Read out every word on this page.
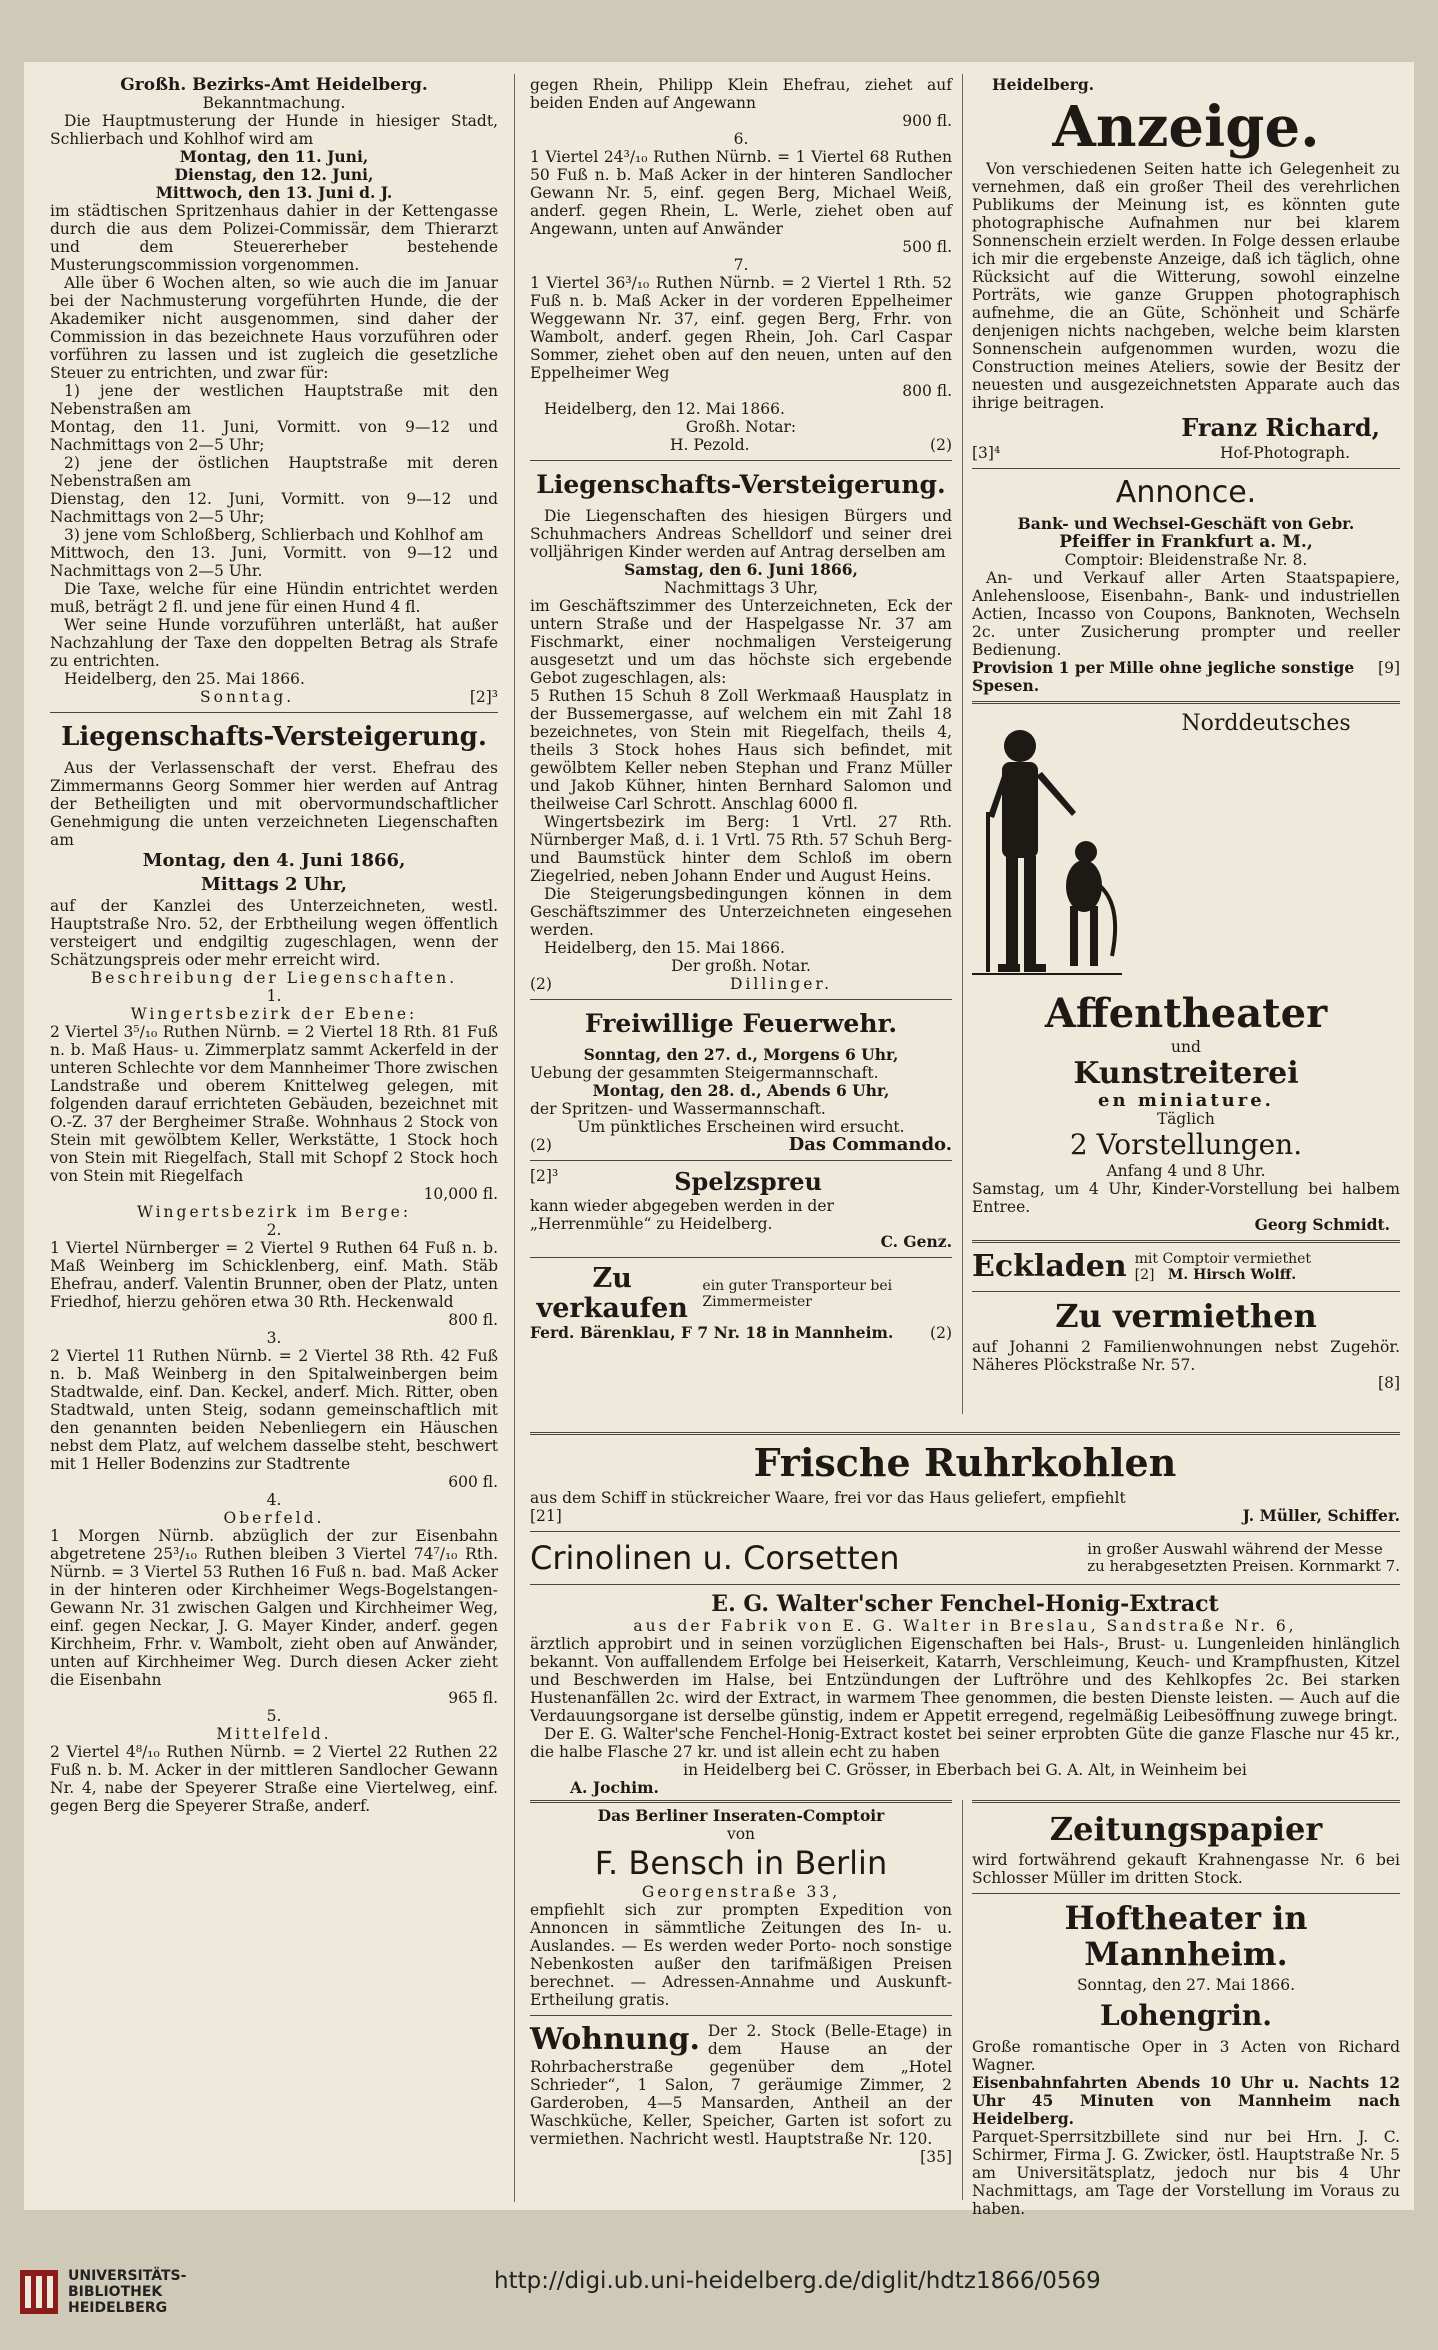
Großh. Bezirks-Amt Heidelberg.
Bekanntmachung.

Die Hauptmusterung der Hunde in hiesiger Stadt, Schlierbach und Kohlhof wird am

Montag, den 11. Juni,
Dienstag, den 12. Juni,
Mittwoch, den 13. Juni d. J.

im städtischen Spritzenhaus dahier in der Kettengasse durch die aus dem Polizei-Commissär, dem Thierarzt und dem Steuererheber bestehende Musterungscommission vorgenommen.

Alle über 6 Wochen alten, so wie auch die im Januar bei der Nachmusterung vorgeführten Hunde, die der Akademiker nicht ausgenommen, sind daher der Commission in das bezeichnete Haus vorzuführen oder vorführen zu lassen und ist zugleich die gesetzliche Steuer zu entrichten, und zwar für:

1) jene der westlichen Hauptstraße mit den Nebenstraßen am

Montag, den 11. Juni, Vormitt. von 9—12 und Nachmittags von 2—5 Uhr;

2) jene der östlichen Hauptstraße mit deren Nebenstraßen am

Dienstag, den 12. Juni, Vormitt. von 9—12 und Nachmittags von 2—5 Uhr;

3) jene vom Schloßberg, Schlierbach und Kohlhof am

Mittwoch, den 13. Juni, Vormitt. von 9—12 und Nachmittags von 2—5 Uhr.

Die Taxe, welche für eine Hündin entrichtet werden muß, beträgt 2 fl. und jene für einen Hund 4 fl.

Wer seine Hunde vorzuführen unterläßt, hat außer Nachzahlung der Taxe den doppelten Betrag als Strafe zu entrichten.

Heidelberg, den 25. Mai 1866.
Sonntag.	[2]³
Liegenschafts-Versteigerung.

Aus der Verlassenschaft der verst. Ehefrau des Zimmermanns Georg Sommer hier werden auf Antrag der Betheiligten und mit obervormundschaftlicher Genehmigung die unten verzeichneten Liegenschaften am

Montag, den 4. Juni 1866,
Mittags 2 Uhr,

auf der Kanzlei des Unterzeichneten, westl. Hauptstraße Nro. 52, der Erbtheilung wegen öffentlich versteigert und endgiltig zugeschlagen, wenn der Schätzungspreis oder mehr erreicht wird.

Beschreibung der Liegenschaften.
1.
Wingertsbezirk der Ebene:

2 Viertel 3⁵/₁₀ Ruthen Nürnb. = 2 Viertel 18 Rth. 81 Fuß n. b. Maß Haus- u. Zimmerplatz sammt Ackerfeld in der unteren Schlechte vor dem Mannheimer Thore zwischen Landstraße und oberem Knittelweg gelegen, mit folgenden darauf errichteten Gebäuden, bezeichnet mit O.-Z. 37 der Bergheimer Straße. Wohnhaus 2 Stock von Stein mit gewölbtem Keller, Werkstätte, 1 Stock hoch von Stein mit Riegelfach, Stall mit Schopf 2 Stock hoch von Stein mit Riegelfach

10,000 fl.
Wingertsbezirk im Berge:
2.

1 Viertel Nürnberger = 2 Viertel 9 Ruthen 64 Fuß n. b. Maß Weinberg im Schicklenberg, einf. Math. Stäb Ehefrau, anderf. Valentin Brunner, oben der Platz, unten Friedhof, hierzu gehören etwa 30 Rth. Heckenwald

800 fl.
3.

2 Viertel 11 Ruthen Nürnb. = 2 Viertel 38 Rth. 42 Fuß n. b. Maß Weinberg in den Spitalweinbergen beim Stadtwalde, einf. Dan. Keckel, anderf. Mich. Ritter, oben Stadtwald, unten Steig, sodann gemeinschaftlich mit den genannten beiden Nebenliegern ein Häuschen nebst dem Platz, auf welchem dasselbe steht, beschwert mit 1 Heller Bodenzins zur Stadtrente

600 fl.
4.
Oberfeld.

1 Morgen Nürnb. abzüglich der zur Eisenbahn abgetretene 25³/₁₀ Ruthen bleiben 3 Viertel 74⁷/₁₀ Rth. Nürnb. = 3 Viertel 53 Ruthen 16 Fuß n. bad. Maß Acker in der hinteren oder Kirchheimer Wegs-Bogelstangen-Gewann Nr. 31 zwischen Galgen und Kirchheimer Weg, einf. gegen Neckar, J. G. Mayer Kinder, anderf. gegen Kirchheim, Frhr. v. Wambolt, zieht oben auf Anwänder, unten auf Kirchheimer Weg. Durch diesen Acker zieht die Eisenbahn

965 fl.
5.
Mittelfeld.

2 Viertel 4⁸/₁₀ Ruthen Nürnb. = 2 Viertel 22 Ruthen 22 Fuß n. b. M. Acker in der mittleren Sandlocher Gewann Nr. 4, nabe der Speyerer Straße eine Viertelweg, einf. gegen Berg die Speyerer Straße, anderf.

gegen Rhein, Philipp Klein Ehefrau, ziehet auf beiden Enden auf Angewann

900 fl.
6.

1 Viertel 24³/₁₀ Ruthen Nürnb. = 1 Viertel 68 Ruthen 50 Fuß n. b. Maß Acker in der hinteren Sandlocher Gewann Nr. 5, einf. gegen Berg, Michael Weiß, anderf. gegen Rhein, L. Werle, ziehet oben auf Angewann, unten auf Anwänder

500 fl.
7.

1 Viertel 36³/₁₀ Ruthen Nürnb. = 2 Viertel 1 Rth. 52 Fuß n. b. Maß Acker in der vorderen Eppelheimer Weggewann Nr. 37, einf. gegen Berg, Frhr. von Wambolt, anderf. gegen Rhein, Joh. Carl Caspar Sommer, ziehet oben auf den neuen, unten auf den Eppelheimer Weg

800 fl.
Heidelberg, den 12. Mai 1866.
Großh. Notar:
H. Pezold.	(2)
Liegenschafts-Versteigerung.

Die Liegenschaften des hiesigen Bürgers und Schuhmachers Andreas Schelldorf und seiner drei volljährigen Kinder werden auf Antrag derselben am

Samstag, den 6. Juni 1866,
Nachmittags 3 Uhr,

im Geschäftszimmer des Unterzeichneten, Eck der untern Straße und der Haspelgasse Nr. 37 am Fischmarkt, einer nochmaligen Versteigerung ausgesetzt und um das höchste sich ergebende Gebot zugeschlagen, als:

5 Ruthen 15 Schuh 8 Zoll Werkmaaß Hausplatz in der Bussemergasse, auf welchem ein mit Zahl 18 bezeichnetes, von Stein mit Riegelfach, theils 4, theils 3 Stock hohes Haus sich befindet, mit gewölbtem Keller neben Stephan und Franz Müller und Jakob Kühner, hinten Bernhard Salomon und theilweise Carl Schrott. Anschlag 6000 fl.

Wingertsbezirk im Berg: 1 Vrtl. 27 Rth. Nürnberger Maß, d. i. 1 Vrtl. 75 Rth. 57 Schuh Berg- und Baumstück hinter dem Schloß im obern Ziegelried, neben Johann Ender und August Heins.

Die Steigerungsbedingungen können in dem Geschäftszimmer des Unterzeichneten eingesehen werden.

Heidelberg, den 15. Mai 1866.
Der großh. Notar.
(2)	Dillinger.
Freiwillige Feuerwehr.
Sonntag, den 27. d., Morgens 6 Uhr,
Uebung der gesammten Steigermannschaft.
Montag, den 28. d., Abends 6 Uhr,
der Spritzen- und Wassermannschaft.
Um pünktliches Erscheinen wird ersucht.
(2)	Das Commando.
[2]³	Spelzspreu
kann wieder abgegeben werden in der „Herrenmühle“ zu Heidelberg.
C. Genz.
Zu verkaufen
ein guter Transporteur bei Zimmermeister
Ferd. Bärenklau, F 7 Nr. 18 in Mannheim. (2)
Heidelberg.
Anzeige.

Von verschiedenen Seiten hatte ich Gelegenheit zu vernehmen, daß ein großer Theil des verehrlichen Publikums der Meinung ist, es könnten gute photographische Aufnahmen nur bei klarem Sonnenschein erzielt werden. In Folge dessen erlaube ich mir die ergebenste Anzeige, daß ich täglich, ohne Rücksicht auf die Witterung, sowohl einzelne Porträts, wie ganze Gruppen photographisch aufnehme, die an Güte, Schönheit und Schärfe denjenigen nichts nachgeben, welche beim klarsten Sonnenschein aufgenommen wurden, wozu die Construction meines Ateliers, sowie der Besitz der neuesten und ausgezeichnetsten Apparate auch das ihrige beitragen.

Franz Richard,
[3]⁴	Hof-Photograph.
Annonce.
Bank- und Wechsel-Geschäft von Gebr.
Pfeiffer in Frankfurt a. M.,
Comptoir: Bleidenstraße Nr. 8.

An- und Verkauf aller Arten Staatspapiere, Anlehensloose, Eisenbahn-, Bank- und industriellen Actien, Incasso von Coupons, Banknoten, Wechseln 2c. unter Zusicherung prompter und reeller Bedienung.

Provision 1 per Mille ohne jegliche sonstige Spesen.
[9]
Norddeutsches
Affentheater
und
Kunstreiterei
en miniature.
Täglich
2 Vorstellungen.
Anfang 4 und 8 Uhr.
Samstag, um 4 Uhr, Kinder-Vorstellung bei halbem Entree.
Georg Schmidt.
Eckladen mit Comptoir vermiethet
[2] M. Hirsch Wolff.
Zu vermiethen
auf Johanni 2 Familienwohnungen nebst Zugehör. Näheres Plöckstraße Nr. 57.
[8]
Frische Ruhrkohlen
aus dem Schiff in stückreicher Waare, frei vor das Haus geliefert, empfiehlt
[21]	J. Müller, Schiffer.
Crinolinen u. Corsetten	in großer Auswahl während der Messe
zu herabgesetzten Preisen. Kornmarkt 7.
E. G. Walter'scher Fenchel-Honig-Extract
aus der Fabrik von E. G. Walter in Breslau, Sandstraße Nr. 6,

ärztlich approbirt und in seinen vorzüglichen Eigenschaften bei Hals-, Brust- u. Lungenleiden hinlänglich bekannt. Von auffallendem Erfolge bei Heiserkeit, Katarrh, Verschleimung, Keuch- und Krampfhusten, Kitzel und Beschwerden im Halse, bei Entzündungen der Luftröhre und des Kehlkopfes 2c. Bei starken Hustenanfällen 2c. wird der Extract, in warmem Thee genommen, die besten Dienste leisten. — Auch auf die Verdauungsorgane ist derselbe günstig, indem er Appetit erregend, regelmäßig Leibesöffnung zuwege bringt.

Der E. G. Walter'sche Fenchel-Honig-Extract kostet bei seiner erprobten Güte die ganze Flasche nur 45 kr., die halbe Flasche 27 kr. und ist allein echt zu haben

in Heidelberg bei C. Grösser, in Eberbach bei G. A. Alt, in Weinheim bei
A. Jochim.
Das Berliner Inseraten-Comptoir
von
F. Bensch in Berlin
Georgenstraße 33,

empfiehlt sich zur prompten Expedition von Annoncen in sämmtliche Zeitungen des In- u. Auslandes. — Es werden weder Porto- noch sonstige Nebenkosten außer den tarifmäßigen Preisen berechnet. — Adressen-Annahme und Auskunft-Ertheilung gratis.

Wohnung. Der 2. Stock (Belle-Etage) in dem Hause an der Rohrbacherstraße gegenüber dem „Hotel Schrieder“, 1 Salon, 7 geräumige Zimmer, 2 Garderoben, 4—5 Mansarden, Antheil an der Waschküche, Keller, Speicher, Garten ist sofort zu vermiethen. Nachricht westl. Hauptstraße Nr. 120.

[35]
Zeitungspapier
wird fortwährend gekauft Krahnengasse Nr. 6 bei Schlosser Müller im dritten Stock.
Hoftheater in Mannheim.
Sonntag, den 27. Mai 1866.
Lohengrin.
Große romantische Oper in 3 Acten von Richard Wagner.
Eisenbahnfahrten Abends 10 Uhr u. Nachts 12 Uhr 45 Minuten von Mannheim nach Heidelberg.
Parquet-Sperrsitzbillete sind nur bei Hrn. J. C. Schirmer, Firma J. G. Zwicker, östl. Hauptstraße Nr. 5 am Universitätsplatz, jedoch nur bis 4 Uhr Nachmittags, am Tage der Vorstellung im Voraus zu haben.
UNIVERSITÄTS-
BIBLIOTHEK
HEIDELBERG
http://digi.ub.uni-heidelberg.de/diglit/hdtz1866/0569
